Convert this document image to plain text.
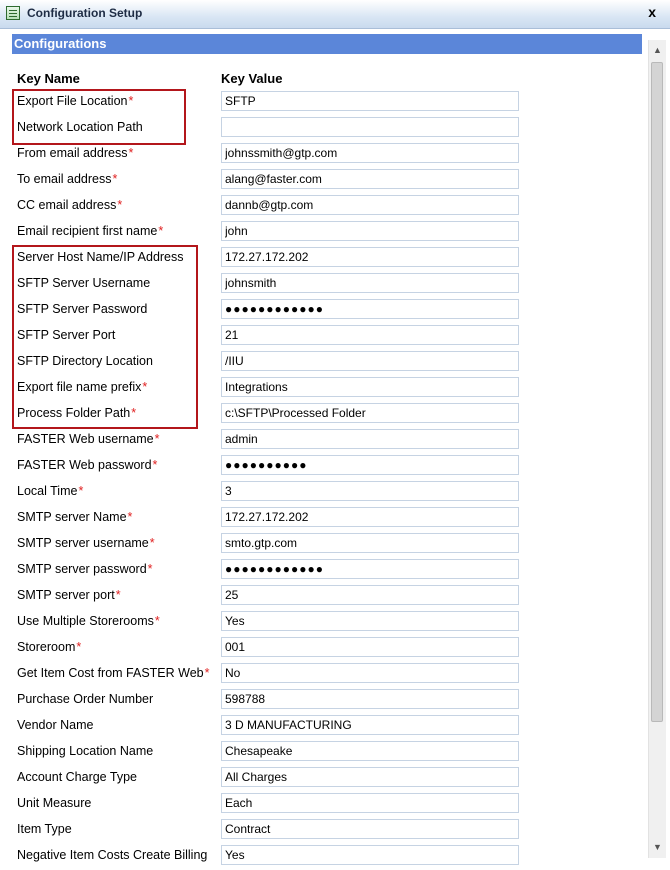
Configuration Setup	x
Configurations
Key Name	Key Value
Export File Location*
SFTP
Network Location Path
From email address*
johnssmith@gtp.com
To email address*
alang@faster.com
CC email address*
dannb@gtp.com
Email recipient first name*
john
Server Host Name/IP Address
172.27.172.202
SFTP Server Username
johnsmith
SFTP Server Password
●●●●●●●●●●●●
SFTP Server Port
21
SFTP Directory Location
/IIU
Export file name prefix*
Integrations
Process Folder Path*
c:\SFTP\Processed Folder
FASTER Web username*
admin
FASTER Web password*
●●●●●●●●●●
Local Time*
3
SMTP server Name*
172.27.172.202
SMTP server username*
smto.gtp.com
SMTP server password*
●●●●●●●●●●●●
SMTP server port*
25
Use Multiple Storerooms*
Yes
Storeroom*
001
Get Item Cost from FASTER Web*
No
Purchase Order Number
598788
Vendor Name
3 D MANUFACTURING
Shipping Location Name
Chesapeake
Account Charge Type
All Charges
Unit Measure
Each
Item Type
Contract
Negative Item Costs Create Billing
Yes
▲
▼
